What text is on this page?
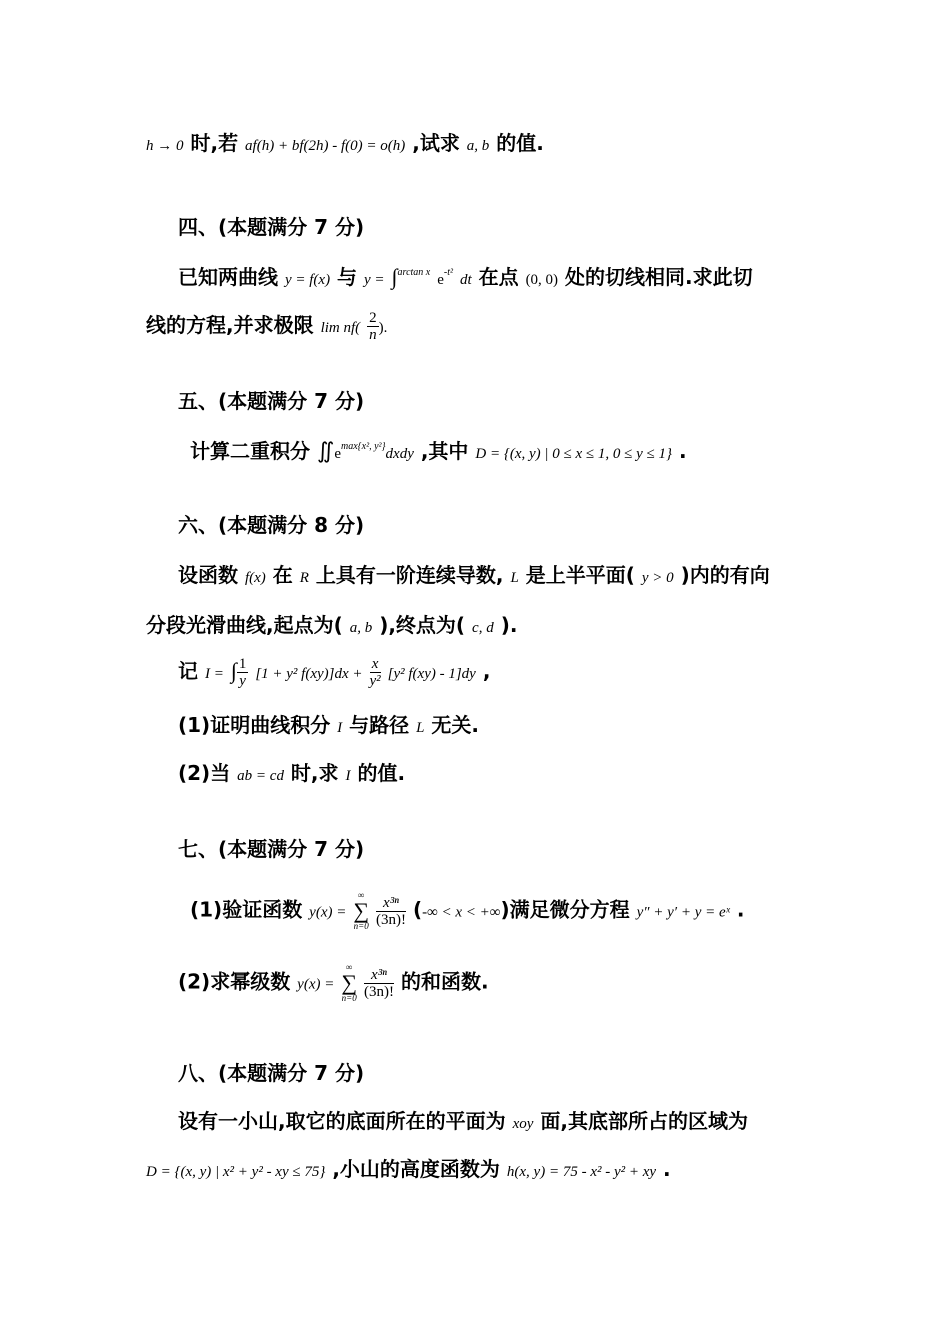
h → 0 时,若 af(h) + bf(2h) - f(0) = o(h) ,试求 a, b 的值.
四、(本题满分 7 分)
已知两曲线 y = f(x) 与 y = ∫$^{arctan x}$ $e^{-t^2}$ dt 在点 (0, 0) 处的切线相同.求此切
线的方程,并求极限 $\lim nf( \frac{2}{n}$ ).
五、(本题满分 7 分)
计算二重积分 $∬e^{max\{x^2, y^2\}}dxdy$ ,其中 D = {(x, y) | 0 ≤ x ≤ 1, 0 ≤ y ≤ 1} .
六、(本题满分 8 分)
设函数 f(x) 在 R 上具有一阶连续导数, L 是上半平面( y > 0 )内的有向
分段光滑曲线,起点为( a, b ),终点为( c, d ).
记 I = ∫ $\frac{1}{y} [1 + y^2$ $f(xy)]dx + \frac{x}{\text{y²}} [y^2$ f(xy) - 1]dy ,
(1)证明曲线积分 I 与路径 L 无关.
(2)当 ab = cd 时,求 I 的值.
七、(本题满分 7 分)
(1)验证函数 y(x) =
∞
∑
n=0
$\frac{\text{x³ⁿ}}{(3n)!}$ (-∞ < x < +∞)满足微分方程 y″ + y′ + y = eˣ .
(2)求幂级数 y(x) =
∞
∑
n=0
$\frac{\text{x³ⁿ}}{(3n)!}$ 的和函数.
八、(本题满分 7 分)
设有一小山,取它的底面所在的平面为 xoy 面,其底部所占的区域为
D = {(x, y) | x² + y² - xy ≤ 75} ,小山的高度函数为 h(x, y) = 75 - x² - y² + xy .
